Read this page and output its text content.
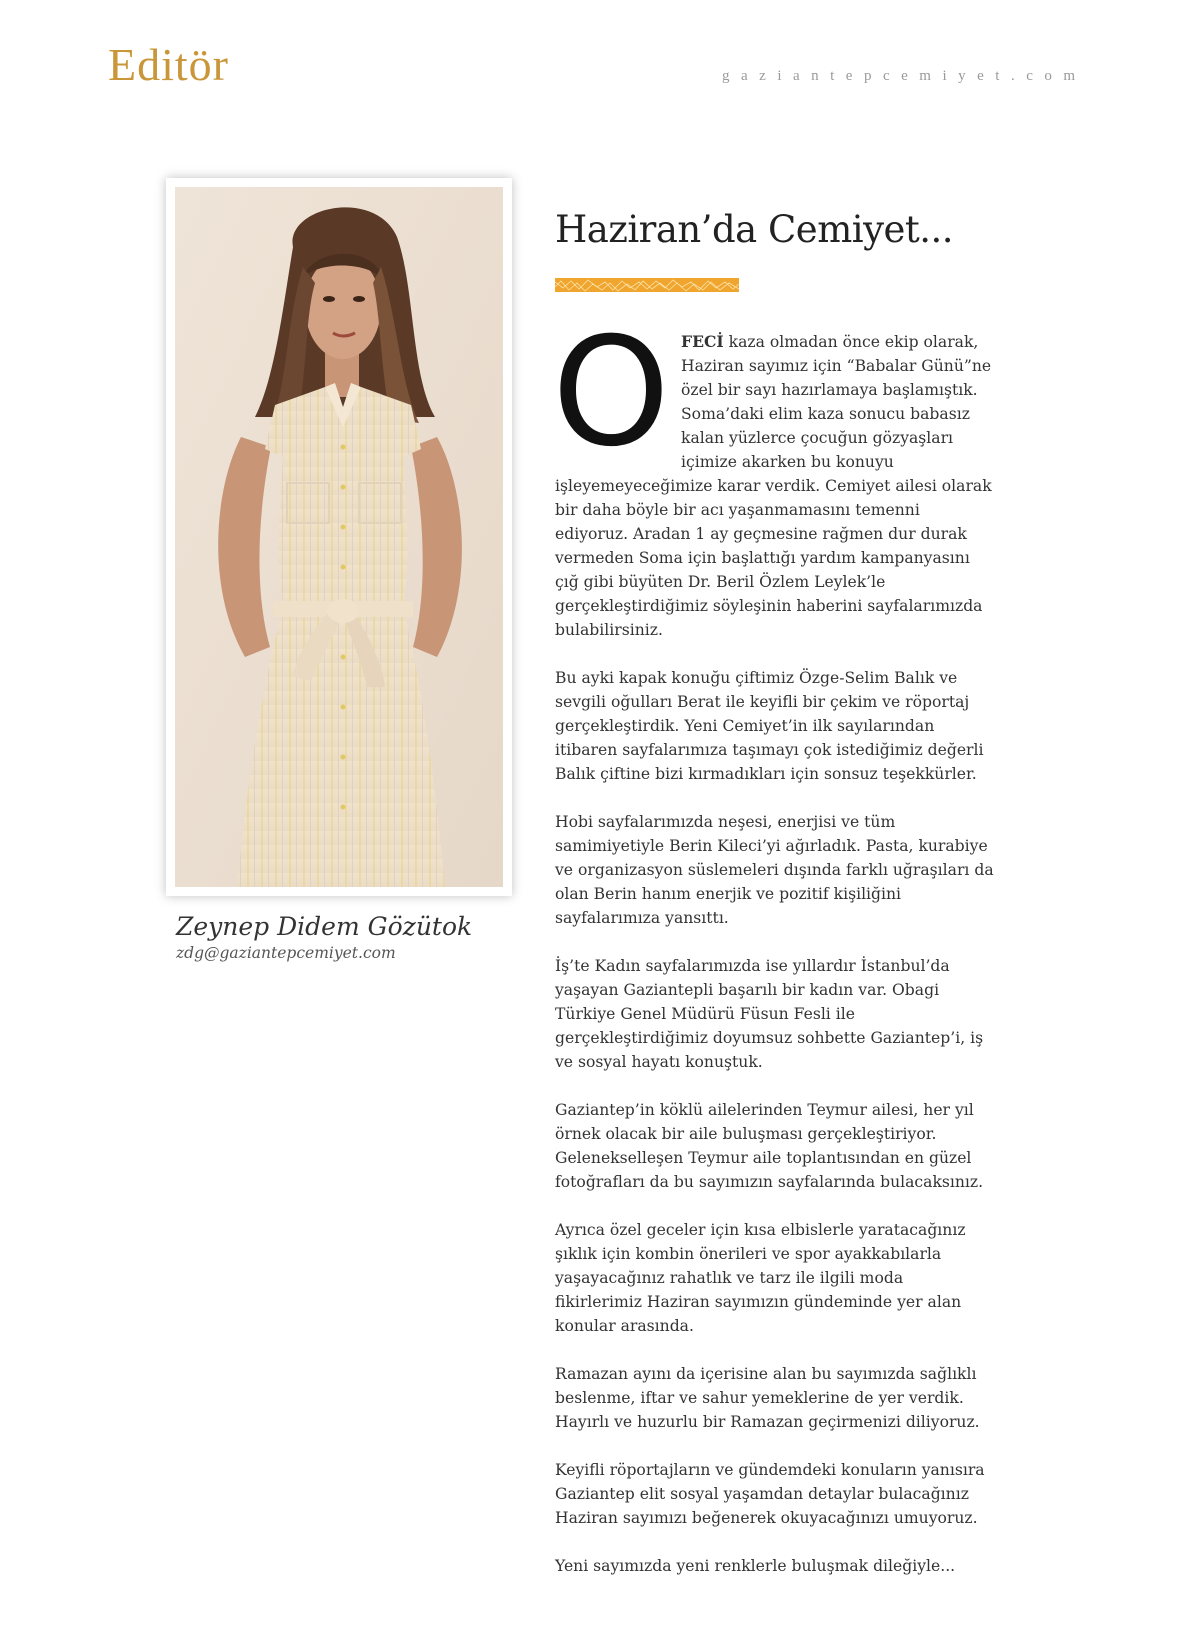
Editör	gaziantepcemiyet.com

Zeynep Didem Gözütok

zdg@gaziantepcemiyet.com
Haziran’da Cemiyet...

O FECİ kaza olmadan önce ekip olarak, Haziran sayımız için “Babalar Günü”ne özel bir sayı hazırlamaya başlamıştık. Soma’daki elim kaza sonucu babasız kalan yüzlerce çocuğun gözyaşları içimize akarken bu konuyu işleyemeyeceğimize karar verdik. Cemiyet ailesi olarak bir daha böyle bir acı yaşanmamasını temenni ediyoruz. Aradan 1 ay geçmesine rağmen dur durak vermeden Soma için başlattığı yardım kampanyasını çığ gibi büyüten Dr. Beril Özlem Leylek’le gerçekleştirdiğimiz söyleşinin haberini sayfalarımızda bulabilirsiniz.

Bu ayki kapak konuğu çiftimiz Özge-Selim Balık ve sevgili oğulları Berat ile keyifli bir çekim ve röportaj gerçekleştirdik. Yeni Cemiyet’in ilk sayılarından itibaren sayfalarımıza taşımayı çok istediğimiz değerli Balık çiftine bizi kırmadıkları için sonsuz teşekkürler.

Hobi sayfalarımızda neşesi, enerjisi ve tüm samimiyetiyle Berin Kileci’yi ağırladık. Pasta, kurabiye ve organizasyon süslemeleri dışında farklı uğraşıları da olan Berin hanım enerjik ve pozitif kişiliğini sayfalarımıza yansıttı.

İş’te Kadın sayfalarımızda ise yıllardır İstanbul’da yaşayan Gaziantepli başarılı bir kadın var. Obagi Türkiye Genel Müdürü Füsun Fesli ile gerçekleştirdiğimiz doyumsuz sohbette Gaziantep’i, iş ve sosyal hayatı konuştuk.

Gaziantep’in köklü ailelerinden Teymur ailesi, her yıl örnek olacak bir aile buluşması gerçekleştiriyor. Gelenekselleşen Teymur aile toplantısından en güzel fotoğrafları da bu sayımızın sayfalarında bulacaksınız.

Ayrıca özel geceler için kısa elbislerle yaratacağınız şıklık için kombin önerileri ve spor ayakkabılarla yaşayacağınız rahatlık ve tarz ile ilgili moda fikirlerimiz Haziran sayımızın gündeminde yer alan konular arasında.

Ramazan ayını da içerisine alan bu sayımızda sağlıklı beslenme, iftar ve sahur yemeklerine de yer verdik. Hayırlı ve huzurlu bir Ramazan geçirmenizi diliyoruz.

Keyifli röportajların ve gündemdeki konuların yanısıra Gaziantep elit sosyal yaşamdan detaylar bulacağınız Haziran sayımızı beğenerek okuyacağınızı umuyoruz.

Yeni sayımızda yeni renklerle buluşmak dileğiyle...
